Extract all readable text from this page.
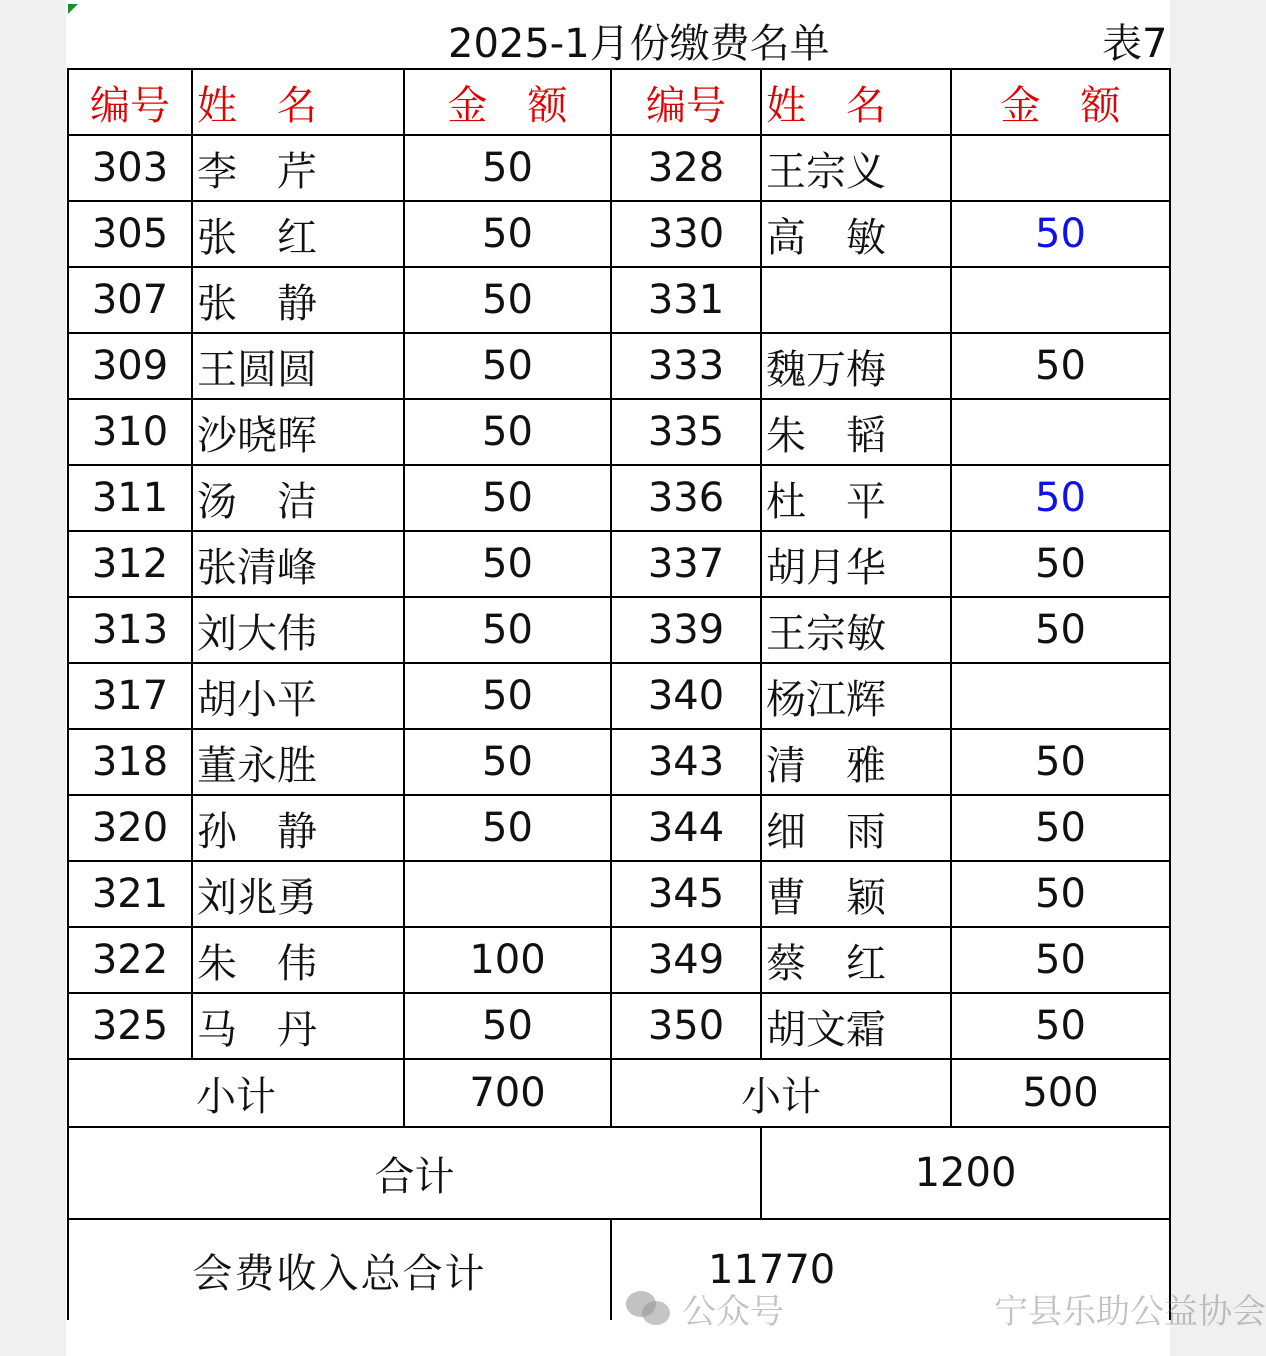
2025-1月份缴费名单	表7
编号	姓　名	金　额	编号	姓　名	金　额
303	李　芹	50	328	王宗义	
305	张　红	50	330	高　敏	50
307	张　静	50	331		
309	王圆圆	50	333	魏万梅	50
310	沙晓晖	50	335	朱　韬	
311	汤　洁	50	336	杜　平	50
312	张清峰	50	337	胡月华	50
313	刘大伟	50	339	王宗敏	50
317	胡小平	50	340	杨江辉	
318	董永胜	50	343	清　雅	50
320	孙　静	50	344	细　雨	50
321	刘兆勇		345	曹　颖	50
322	朱　伟	100	349	蔡　红	50
325	马　丹	50	350	胡文霜	50
小计		700	小计		500
合计				1200	
会费收入总合计			11770		
公众号	宁县乐助公益协会
